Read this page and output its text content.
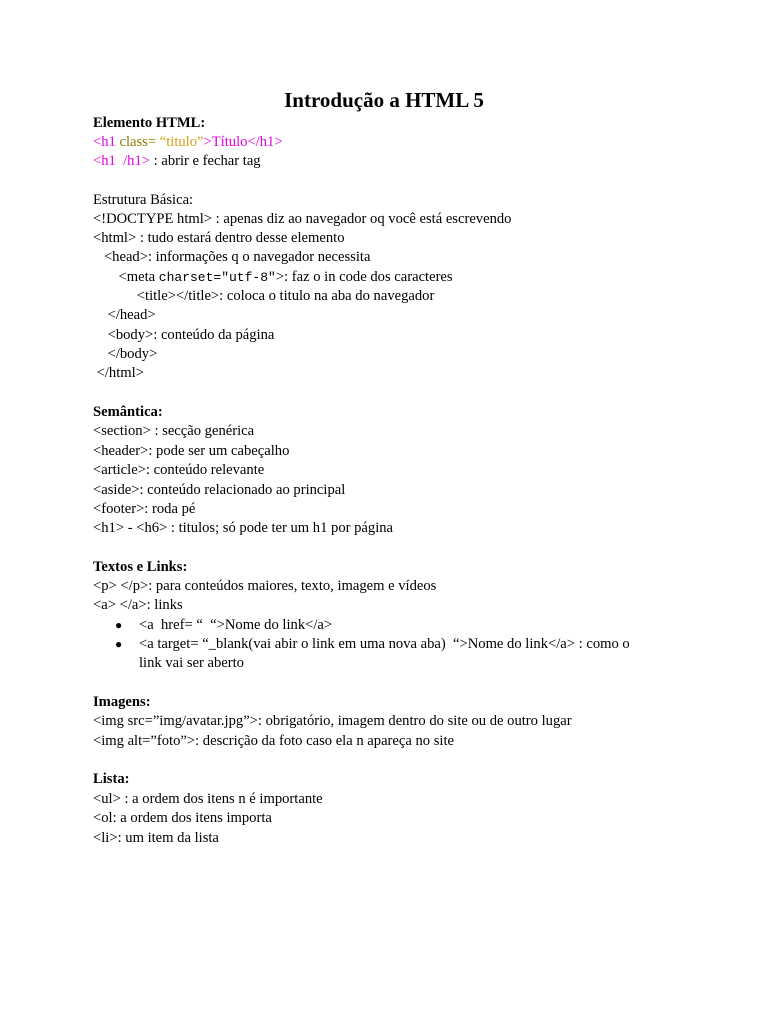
Introdução a HTML 5
Elemento HTML:
<h1 class= “titulo”>Título</h1>
<h1  /h1> : abrir e fechar tag
Estrutura Básica:
<!DOCTYPE html> : apenas diz ao navegador oq você está escrevendo
<html> : tudo estará dentro desse elemento
<head>: informações q o navegador necessita
<meta charset="utf-8">: faz o in code dos caracteres
<title></title>: coloca o titulo na aba do navegador
</head>
<body>: conteúdo da página
</body>
</html>
Semântica:
<section> : secção genérica
<header>: pode ser um cabeçalho
<article>: conteúdo relevante
<aside>: conteúdo relacionado ao principal
<footer>: roda pé
<h1> - <h6> : titulos; só pode ter um h1 por página
Textos e Links:
<p> </p>: para conteúdos maiores, texto, imagem e vídeos
<a> </a>: links
● <a  href= “  “>Nome do link</a>
● <a target= “_blank(vai abir o link em uma nova aba)  “>Nome do link</a> : como o
link vai ser aberto
Imagens:
<img src=”img/avatar.jpg”>: obrigatório, imagem dentro do site ou de outro lugar
<img alt=”foto”>: descrição da foto caso ela n apareça no site
Lista:
<ul> : a ordem dos itens n é importante
<ol: a ordem dos itens importa
<li>: um item da lista
